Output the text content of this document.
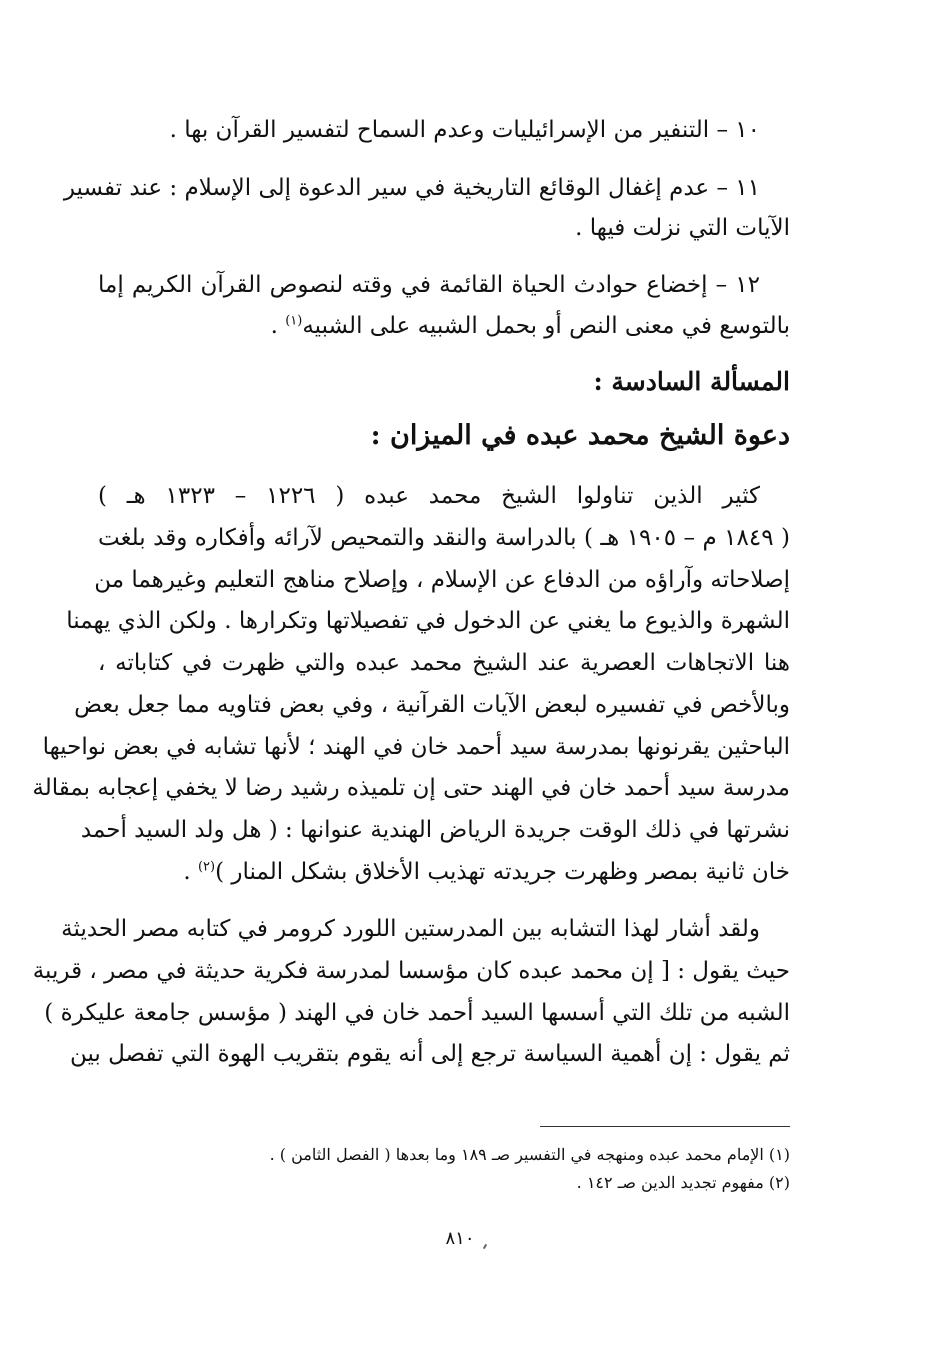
١٠ – التنفير من الإسرائيليات وعدم السماح لتفسير القرآن بها .
١١ – عدم إغفال الوقائع التاريخية في سير الدعوة إلى الإسلام : عند تفسير
الآيات التي نزلت فيها .
١٢ – إخضاع حوادث الحياة القائمة في وقته لنصوص القرآن الكريم إما
بالتوسع في معنى النص أو بحمل الشبيه على الشبيه$^{(١)}$ .
المسألة السادسة :
دعوة الشيخ محمد عبده في الميزان :
كثير الذين تناولوا الشيخ محمد عبده ( ١٢٢٦ – ١٣٢٣ هـ )
( ١٨٤٩ م – ١٩٠٥ هـ ) بالدراسة والنقد والتمحيص لآرائه وأفكاره وقد بلغت
إصلاحاته وآراؤه من الدفاع عن الإسلام ، وإصلاح مناهج التعليم وغيرهما من
الشهرة والذيوع ما يغني عن الدخول في تفصيلاتها وتكرارها . ولكن الذي يهمنا
هنا الاتجاهات العصرية عند الشيخ محمد عبده والتي ظهرت في كتاباته ،
وبالأخص في تفسيره لبعض الآيات القرآنية ، وفي بعض فتاويه مما جعل بعض
الباحثين يقرنونها بمدرسة سيد أحمد خان في الهند ؛ لأنها تشابه في بعض نواحيها
مدرسة سيد أحمد خان في الهند حتى إن تلميذه رشيد رضا لا يخفي إعجابه بمقالة
نشرتها في ذلك الوقت جريدة الرياض الهندية عنوانها : ( هل ولد السيد أحمد
خان ثانية بمصر وظهرت جريدته تهذيب الأخلاق بشكل المنار )$^{(٢)}$ .
ولقد أشار لهذا التشابه بين المدرستين اللورد كرومر في كتابه مصر الحديثة
حيث يقول : [ إن محمد عبده كان مؤسسا لمدرسة فكرية حديثة في مصر ، قريبة
الشبه من تلك التي أسسها السيد أحمد خان في الهند ( مؤسس جامعة عليكرة )
ثم يقول : إن أهمية السياسة ترجع إلى أنه يقوم بتقريب الهوة التي تفصل بين
(١) الإمام محمد عبده ومنهجه في التفسير صـ ١٨٩ وما بعدها ( الفصل الثامن ) .
(٢) مفهوم تجديد الدين صـ ١٤٢ .
٨١٠
